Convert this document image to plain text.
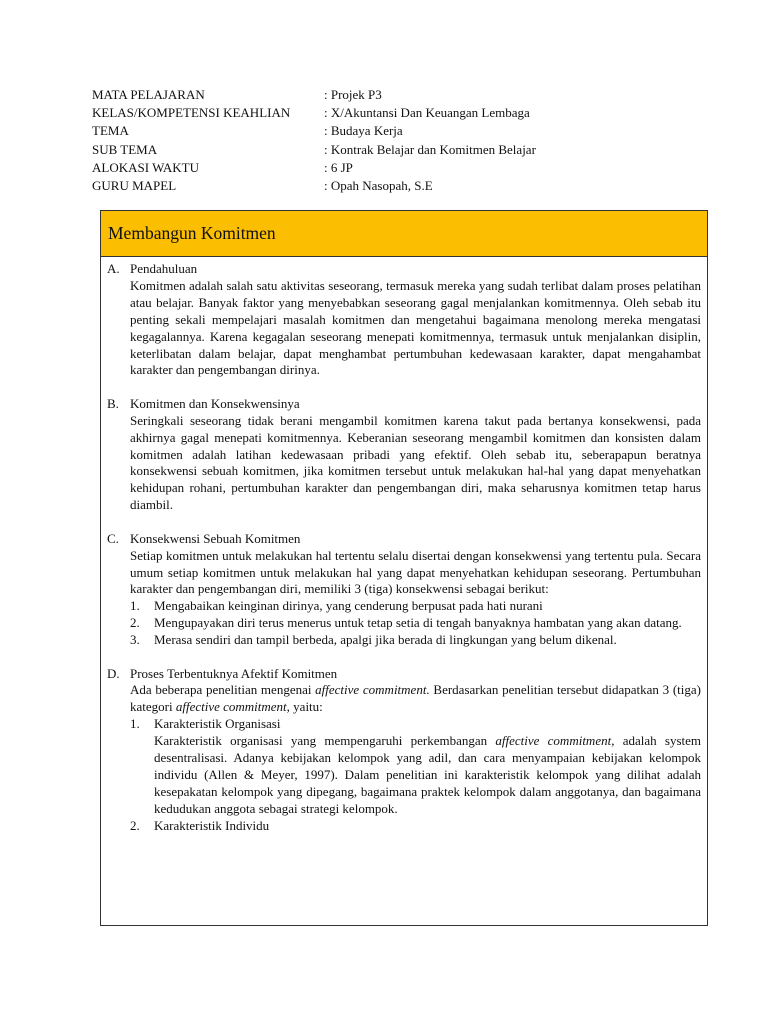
MATA PELAJARAN	: Projek P3
KELAS/KOMPETENSI KEAHLIAN	: X/Akuntansi Dan Keuangan Lembaga
TEMA	: Budaya Kerja
SUB TEMA	: Kontrak Belajar dan Komitmen Belajar
ALOKASI WAKTU	: 6 JP
GURU MAPEL	: Opah Nasopah, S.E
Membangun Komitmen
A. Pendahuluan
Komitmen adalah salah satu aktivitas seseorang, termasuk mereka yang sudah terlibat dalam proses pelatihan atau belajar. Banyak faktor yang menyebabkan seseorang gagal menjalankan komitmennya. Oleh sebab itu penting sekali mempelajari masalah komitmen dan mengetahui bagaimana menolong mereka mengatasi kegagalannya. Karena kegagalan seseorang menepati komitmennya, termasuk untuk menjalankan disiplin, keterlibatan dalam belajar, dapat menghambat pertumbuhan kedewasaan karakter, dapat mengahambat karakter dan pengembangan dirinya.
B. Komitmen dan Konsekwensinya
Seringkali seseorang tidak berani mengambil komitmen karena takut pada bertanya konsekwensi, pada akhirnya gagal menepati komitmennya. Keberanian seseorang mengambil komitmen dan konsisten dalam komitmen adalah latihan kedewasaan pribadi yang efektif. Oleh sebab itu, seberapapun beratnya konsekwensi sebuah komitmen, jika komitmen tersebut untuk melakukan hal-hal yang dapat menyehatkan kehidupan rohani, pertumbuhan karakter dan pengembangan diri, maka seharusnya komitmen tetap harus diambil.
C. Konsekwensi Sebuah Komitmen
Setiap komitmen untuk melakukan hal tertentu selalu disertai dengan konsekwensi yang tertentu pula. Secara umum setiap komitmen untuk melakukan hal yang dapat menyehatkan kehidupan seseorang. Pertumbuhan karakter dan pengembangan diri, memiliki 3 (tiga) konsekwensi sebagai berikut:
1.	Mengabaikan keinginan dirinya, yang cenderung berpusat pada hati nurani
2.	Mengupayakan diri terus menerus untuk tetap setia di tengah banyaknya hambatan yang akan datang.
3.	Merasa sendiri dan tampil berbeda, apalgi jika berada di lingkungan yang belum dikenal.
D. Proses Terbentuknya Afektif Komitmen
Ada beberapa penelitian mengenai affective commitment. Berdasarkan penelitian tersebut didapatkan 3 (tiga) kategori affective commitment, yaitu:
1.	Karakteristik Organisasi
Karakteristik organisasi yang mempengaruhi perkembangan affective commitment, adalah system desentralisasi. Adanya kebijakan kelompok yang adil, dan cara menyampaian kebijakan kelompok individu (Allen & Meyer, 1997). Dalam penelitian ini karakteristik kelompok yang dilihat adalah kesepakatan kelompok yang dipegang, bagaimana praktek kelompok dalam anggotanya, dan bagaimana kedudukan anggota sebagai strategi kelompok.
2.	Karakteristik Individu
